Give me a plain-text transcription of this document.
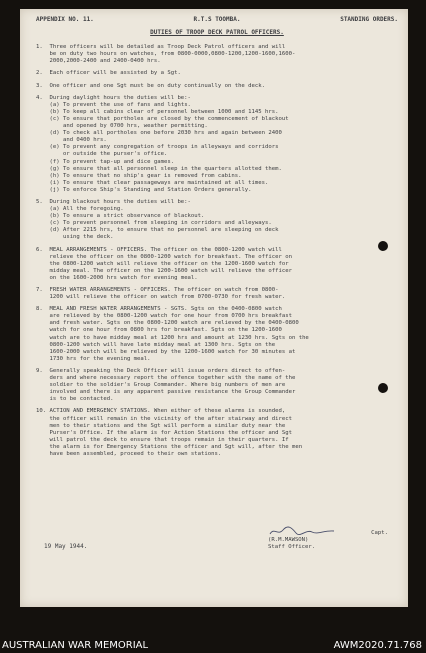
APPENDIX NO. 11.	R.T.S TOOMBA.	STANDING ORDERS.
DUTIES OF TROOP DECK PATROL OFFICERS.
1.  Three officers will be detailed as Troop Deck Patrol officers and will
be on duty two hours on watches, from 0800-0000,0800-1200,1200-1600,1600-
2000,2000-2400 and 2400-0400 hrs.
2.  Each officer will be assisted by a Sgt.
3.  One officer and one Sgt must be on duty continually on the deck.
4.  During daylight hours the duties will be:-
(a) To prevent the use of fans and lights.
(b) To keep all cabins clear of personnel between 1000 and 1145 hrs.
(c) To ensure that portholes are closed by the commencement of blackout
and opened by 0700 hrs, weather permitting.
(d) To check all portholes one before 2030 hrs and again between 2400
and 0400 hrs.
(e) To prevent any congregation of troops in alleyways and corridors
or outside the purser's office.
(f) To prevent tap-up and dice games.
(g) To ensure that all personnel sleep in the quarters allotted them.
(h) To ensure that no ship's gear is removed from cabins.
(i) To ensure that clear passageways are maintained at all times.
(j) To enforce Ship's Standing and Station Orders generally.
5.  During blackout hours the duties will be:-
(a) All the foregoing.
(b) To ensure a strict observance of blackout.
(c) To prevent personnel from sleeping in corridors and alleyways.
(d) After 2215 hrs, to ensure that no personnel are sleeping on deck
using the deck.
6.  MEAL ARRANGEMENTS - OFFICERS. The officer on the 0800-1200 watch will
relieve the officer on the 0800-1200 watch for breakfast. The officer on
the 0800-1200 watch will relieve the officer on the 1200-1600 watch for
midday meal. The officer on the 1200-1600 watch will relieve the officer
on the 1600-2000 hrs watch for evening meal.
7.  FRESH WATER ARRANGEMENTS - OFFICERS. The officer on watch from 0800-
1200 will relieve the officer on watch from 0700-0730 for fresh water.
8.  MEAL AND FRESH WATER ARRANGEMENTS - SGTS. Sgts on the 0400-0800 watch
are relieved by the 0800-1200 watch for one hour from 0700 hrs breakfast
and fresh water. Sgts on the 0800-1200 watch are relieved by the 0400-0800
watch for one hour from 0800 hrs for breakfast. Sgts on the 1200-1600
watch are to have midday meal at 1200 hrs and amount at 1230 hrs. Sgts on the
0800-1200 watch will have late midday meal at 1300 hrs. Sgts on the
1600-2000 watch will be relieved by the 1200-1600 watch for 30 minutes at
1730 hrs for the evening meal.
9.  Generally speaking the Deck Officer will issue orders direct to offen-
ders and where necessary report the offence together with the name of the
soldier to the soldier's Group Commander. Where big numbers of men are
involved and there is any apparent passive resistance the Group Commander
is to be contacted.
10. ACTION AND EMERGENCY STATIONS. When either of these alarms is sounded,
the officer will remain in the vicinity of the after stairway and direct
men to their stations and the Sgt will perform a similar duty near the
Purser's Office. If the alarm is for Action Stations the officer and Sgt
will patrol the deck to ensure that troops remain in their quarters. If
the alarm is for Emergency Stations the officer and Sgt will, after the men
have been assembled, proceed to their own stations.
Capt.
(R.M.MAWSON)
Staff Officer.
19 May 1944.
AUSTRALIAN WAR MEMORIAL	AWM2020.71.768
